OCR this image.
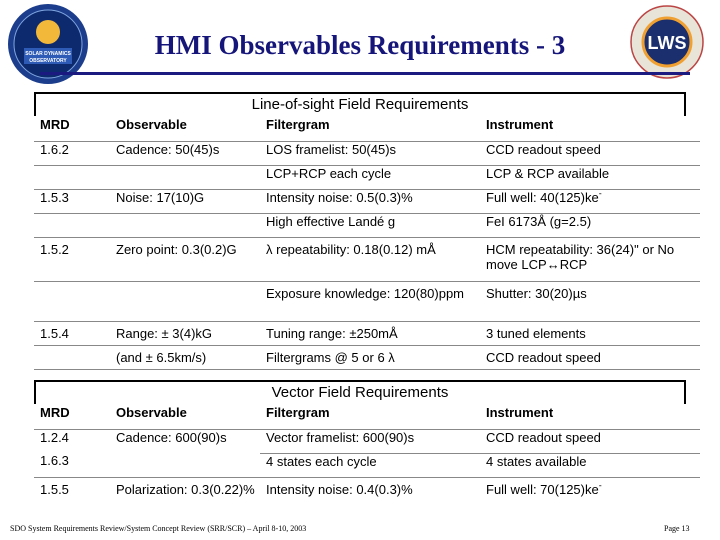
SOLAR DYNAMICS
OBSERVATORY
LWS
HMI Observables Requirements - 3
Line-of-sight Field Requirements
MRD	Observable	Filtergram	Instrument
1.6.2	Cadence: 50(45)s	LOS framelist: 50(45)s	CCD readout speed
		LCP+RCP each cycle	LCP & RCP available
1.5.3	Noise: 17(10)G	Intensity noise: 0.5(0.3)%	Full well: 40(125)ke-
		High effective Landé g	FeI 6173Å (g=2.5)
1.5.2	Zero point: 0.3(0.2)G	λ repeatability: 0.18(0.12) mÅ	HCM repeatability: 36(24)" or No move LCP↔RCP
		Exposure knowledge: 120(80)ppm	Shutter: 30(20)µs
1.5.4	Range: ± 3(4)kG	Tuning range: ±250mÅ	3 tuned elements
	(and ± 6.5km/s)	Filtergrams @ 5 or 6 λ	CCD readout speed
Vector Field Requirements
MRD	Observable	Filtergram	Instrument
1.2.4	Cadence: 600(90)s	Vector framelist: 600(90)s	CCD readout speed
1.6.3		4 states each cycle	4 states available
1.5.5	Polarization: 0.3(0.22)%	Intensity noise: 0.4(0.3)%	Full well: 70(125)ke-
SDO System Requirements Review/System Concept Review (SRR/SCR) – April 8-10, 2003	Page 13
